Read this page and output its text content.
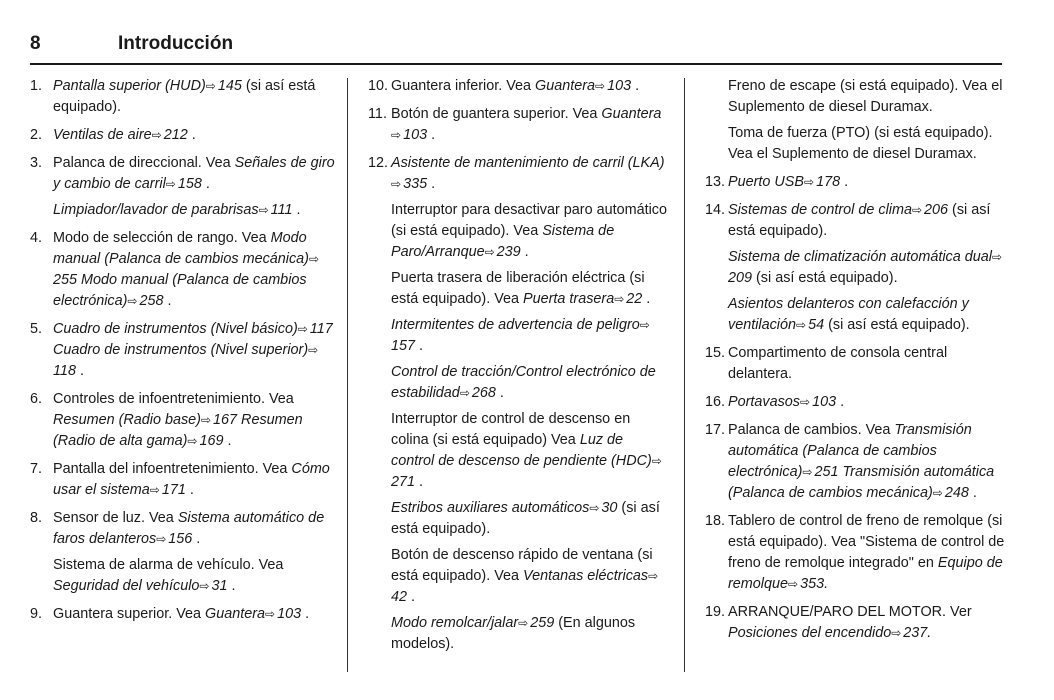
8	Introducción
1. Pantalla superior (HUD)⇨ 145 (si así está equipado).
2. Ventilas de aire⇨ 212 .
3. Palanca de direccional. Vea Señales de giro y cambio de carril⇨ 158 .
Limpiador/lavador de parabrisas⇨ 111 .
4. Modo de selección de rango. Vea Modo manual (Palanca de cambios mecánica)⇨255 Modo manual (Palanca de cambios electrónica)⇨ 258 .
5. Cuadro de instrumentos (Nivel básico)⇨ 117 Cuadro de instrumentos (Nivel superior)⇨118 .
6. Controles de infoentretenimiento. Vea Resumen (Radio base)⇨ 167 Resumen (Radio de alta gama)⇨ 169 .
7. Pantalla del infoentretenimiento. Vea Cómo usar el sistema⇨ 171 .
8. Sensor de luz. Vea Sistema automático de faros delanteros⇨ 156 .
Sistema de alarma de vehículo. Vea Seguridad del vehículo⇨ 31 .
9. Guantera superior. Vea Guantera⇨ 103 .
10. Guantera inferior. Vea Guantera⇨ 103 .
11. Botón de guantera superior. Vea Guantera⇨ 103 .
12. Asistente de mantenimiento de carril (LKA)⇨ 335 .
Interruptor para desactivar paro automático (si está equipado). Vea Sistema de Paro/Arranque⇨ 239 .
Puerta trasera de liberación eléctrica (si está equipado). Vea Puerta trasera⇨ 22 .
Intermitentes de advertencia de peligro⇨157 .
Control de tracción/Control electrónico de estabilidad⇨ 268 .
Interruptor de control de descenso en colina (si está equipado) Vea Luz de control de descenso de pendiente (HDC)⇨271 .
Estribos auxiliares automáticos⇨ 30 (si así está equipado).
Botón de descenso rápido de ventana (si está equipado). Vea Ventanas eléctricas⇨42 .
Modo remolcar/jalar⇨ 259 (En algunos modelos).
Freno de escape (si está equipado). Vea el Suplemento de diesel Duramax.
Toma de fuerza (PTO) (si está equipado). Vea el Suplemento de diesel Duramax.
13. Puerto USB⇨ 178 .
14. Sistemas de control de clima⇨ 206 (si así está equipado).
Sistema de climatización automática dual⇨209 (si así está equipado).
Asientos delanteros con calefacción y ventilación⇨ 54 (si así está equipado).
15. Compartimento de consola central delantera.
16. Portavasos⇨ 103 .
17. Palanca de cambios. Vea Transmisión automática (Palanca de cambios electrónica)⇨ 251 Transmisión automática (Palanca de cambios mecánica)⇨ 248 .
18. Tablero de control de freno de remolque (si está equipado). Vea "Sistema de control de freno de remolque integrado" en Equipo de remolque⇨ 353.
19. ARRANQUE/PARO DEL MOTOR. Ver Posiciones del encendido⇨ 237.
